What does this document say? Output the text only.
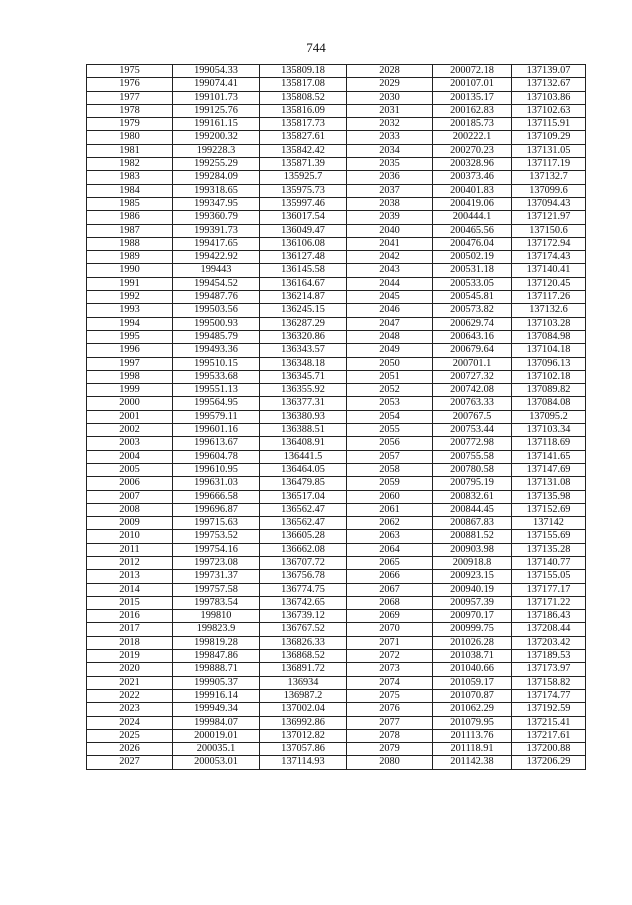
744
1975	199054.33	135809.18	2028	200072.18	137139.07
1976	199074.41	135817.08	2029	200107.01	137132.67
1977	199101.73	135808.52	2030	200135.17	137103.86
1978	199125.76	135816.09	2031	200162.83	137102.63
1979	199161.15	135817.73	2032	200185.73	137115.91
1980	199200.32	135827.61	2033	200222.1	137109.29
1981	199228.3	135842.42	2034	200270.23	137131.05
1982	199255.29	135871.39	2035	200328.96	137117.19
1983	199284.09	135925.7	2036	200373.46	137132.7
1984	199318.65	135975.73	2037	200401.83	137099.6
1985	199347.95	135997.46	2038	200419.06	137094.43
1986	199360.79	136017.54	2039	200444.1	137121.97
1987	199391.73	136049.47	2040	200465.56	137150.6
1988	199417.65	136106.08	2041	200476.04	137172.94
1989	199422.92	136127.48	2042	200502.19	137174.43
1990	199443	136145.58	2043	200531.18	137140.41
1991	199454.52	136164.67	2044	200533.05	137120.45
1992	199487.76	136214.87	2045	200545.81	137117.26
1993	199503.56	136245.15	2046	200573.82	137132.6
1994	199500.93	136287.29	2047	200629.74	137103.28
1995	199485.79	136320.86	2048	200643.16	137084.98
1996	199493.36	136343.57	2049	200679.64	137104.18
1997	199510.15	136348.18	2050	200701.1	137096.13
1998	199533.68	136345.71	2051	200727.32	137102.18
1999	199551.13	136355.92	2052	200742.08	137089.82
2000	199564.95	136377.31	2053	200763.33	137084.08
2001	199579.11	136380.93	2054	200767.5	137095.2
2002	199601.16	136388.51	2055	200753.44	137103.34
2003	199613.67	136408.91	2056	200772.98	137118.69
2004	199604.78	136441.5	2057	200755.58	137141.65
2005	199610.95	136464.05	2058	200780.58	137147.69
2006	199631.03	136479.85	2059	200795.19	137131.08
2007	199666.58	136517.04	2060	200832.61	137135.98
2008	199696.87	136562.47	2061	200844.45	137152.69
2009	199715.63	136562.47	2062	200867.83	137142
2010	199753.52	136605.28	2063	200881.52	137155.69
2011	199754.16	136662.08	2064	200903.98	137135.28
2012	199723.08	136707.72	2065	200918.8	137140.77
2013	199731.37	136756.78	2066	200923.15	137155.05
2014	199757.58	136774.75	2067	200940.19	137177.17
2015	199783.54	136742.65	2068	200957.39	137171.22
2016	199810	136739.12	2069	200970.17	137186.43
2017	199823.9	136767.52	2070	200999.75	137208.44
2018	199819.28	136826.33	2071	201026.28	137203.42
2019	199847.86	136868.52	2072	201038.71	137189.53
2020	199888.71	136891.72	2073	201040.66	137173.97
2021	199905.37	136934	2074	201059.17	137158.82
2022	199916.14	136987.2	2075	201070.87	137174.77
2023	199949.34	137002.04	2076	201062.29	137192.59
2024	199984.07	136992.86	2077	201079.95	137215.41
2025	200019.01	137012.82	2078	201113.76	137217.61
2026	200035.1	137057.86	2079	201118.91	137200.88
2027	200053.01	137114.93	2080	201142.38	137206.29
